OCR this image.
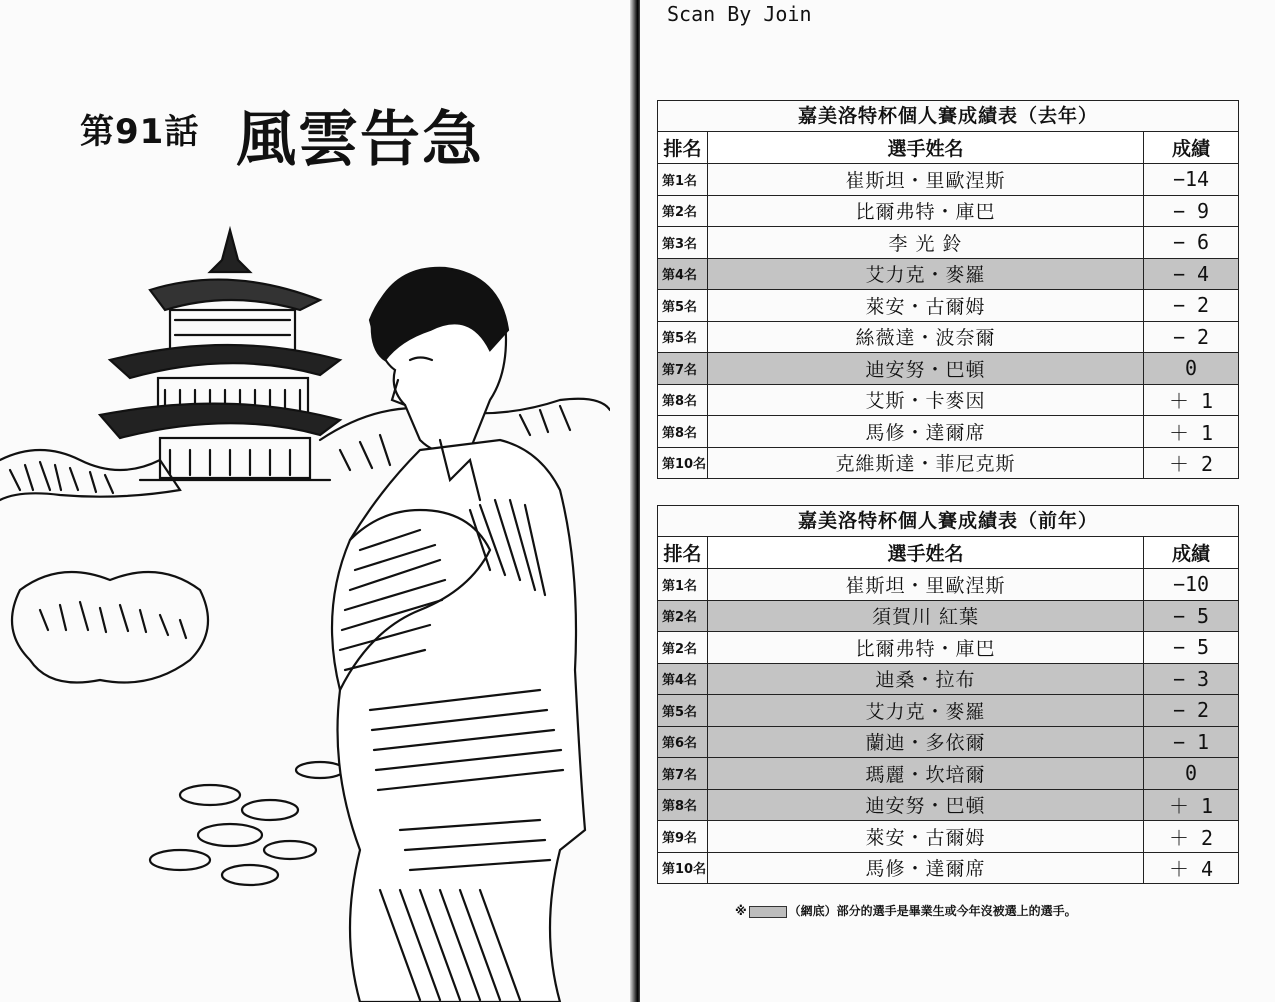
第91話 風雲告急
Scan By Join
嘉美洛特杯個人賽成績表（去年）
排名	選手姓名	成績
第1名	崔斯坦・里歐涅斯	−14
第2名	比爾弗特・庫巴	− 9
第3名	李 光 鈴	− 6
第4名	艾力克・麥羅	− 4
第5名	萊安・古爾姆	− 2
第5名	絲薇達・波奈爾	− 2
第7名	迪安努・巴頓	0
第8名	艾斯・卡麥因	＋ 1
第8名	馬修・達爾席	＋ 1
第10名	克維斯達・菲尼克斯	＋ 2
嘉美洛特杯個人賽成績表（前年）
排名	選手姓名	成績
第1名	崔斯坦・里歐涅斯	−10
第2名	須賀川 紅葉	− 5
第2名	比爾弗特・庫巴	− 5
第4名	迪桑・拉布	− 3
第5名	艾力克・麥羅	− 2
第6名	蘭迪・多依爾	− 1
第7名	瑪麗・坎培爾	0
第8名	迪安努・巴頓	＋ 1
第9名	萊安・古爾姆	＋ 2
第10名	馬修・達爾席	＋ 4
※	（網底）部分的選手是畢業生或今年沒被選上的選手。
